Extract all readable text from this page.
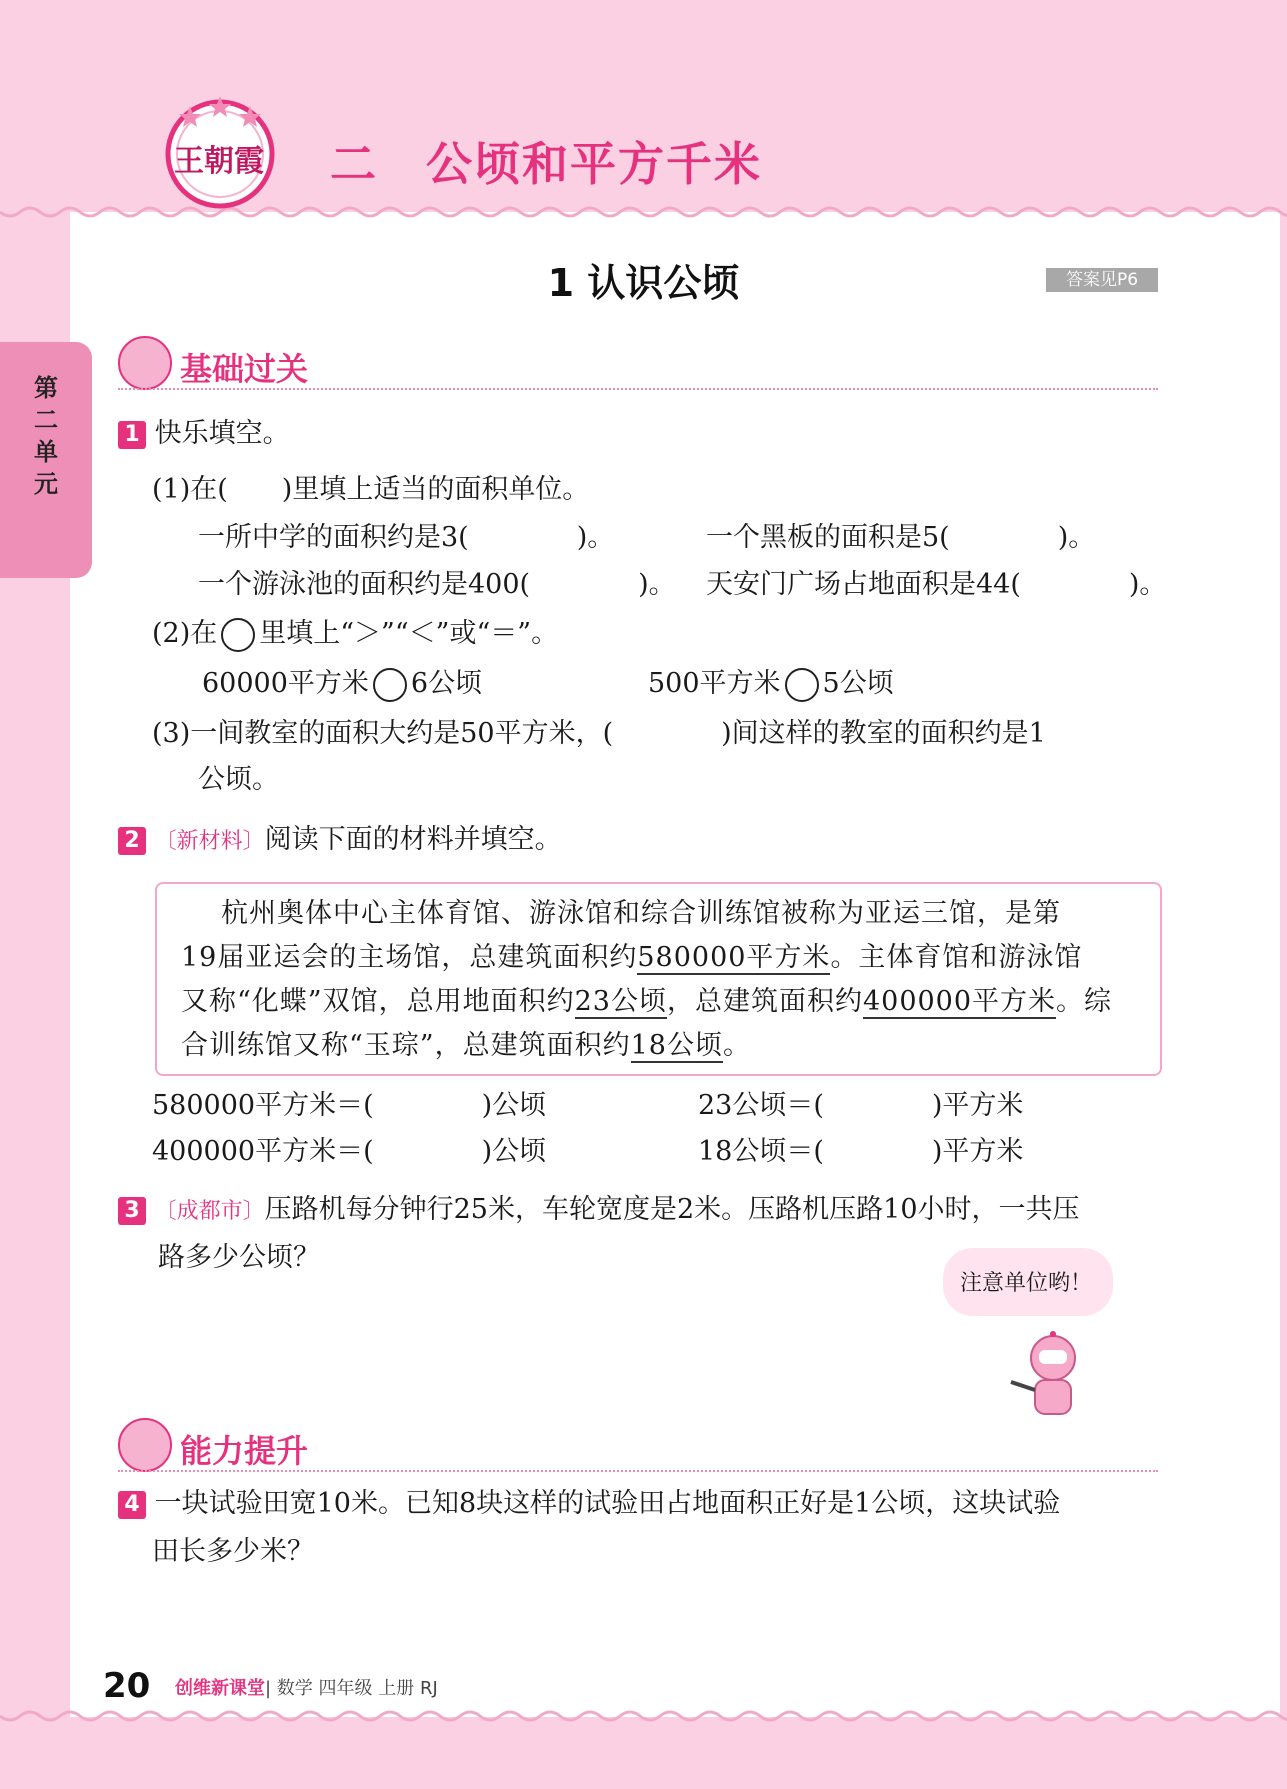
王朝霞 二　公顷和平方千米
第
二
单
元
1 认识公顷	答案见P6
基础过关
1 快乐填空。
(1)在(　　)里填上适当的面积单位。
一所中学的面积约是3(　　　　)。	一个黑板的面积是5(　　　　)。
一个游泳池的面积约是400(　　　　)。 天安门广场占地面积是44(　　　　)。
(2)在 里填上“＞”“＜”或“＝”。
60000平方米 6公顷	500平方米 5公顷
(3)一间教室的面积大约是50平方米，(　　　　)间这样的教室的面积约是1
公顷。
2 〔新材料〕阅读下面的材料并填空。
杭州奥体中心主体育馆、游泳馆和综合训练馆被称为亚运三馆，是第
19届亚运会的主场馆，总建筑面积约580000平方米。主体育馆和游泳馆
又称“化蝶”双馆，总用地面积约23公顷，总建筑面积约400000平方米。综
合训练馆又称“玉琮”，总建筑面积约18公顷。
580000平方米＝(　　　　)公顷	23公顷＝(　　　　)平方米
400000平方米＝(　　　　)公顷	18公顷＝(　　　　)平方米
3 〔成都市〕压路机每分钟行25米，车轮宽度是2米。压路机压路10小时，一共压
路多少公顷？
注意单位哟！
能力提升
4 一块试验田宽10米。已知8块这样的试验田占地面积正好是1公顷，这块试验
田长多少米？
20 创维新课堂| 数学 四年级 上册 RJ
